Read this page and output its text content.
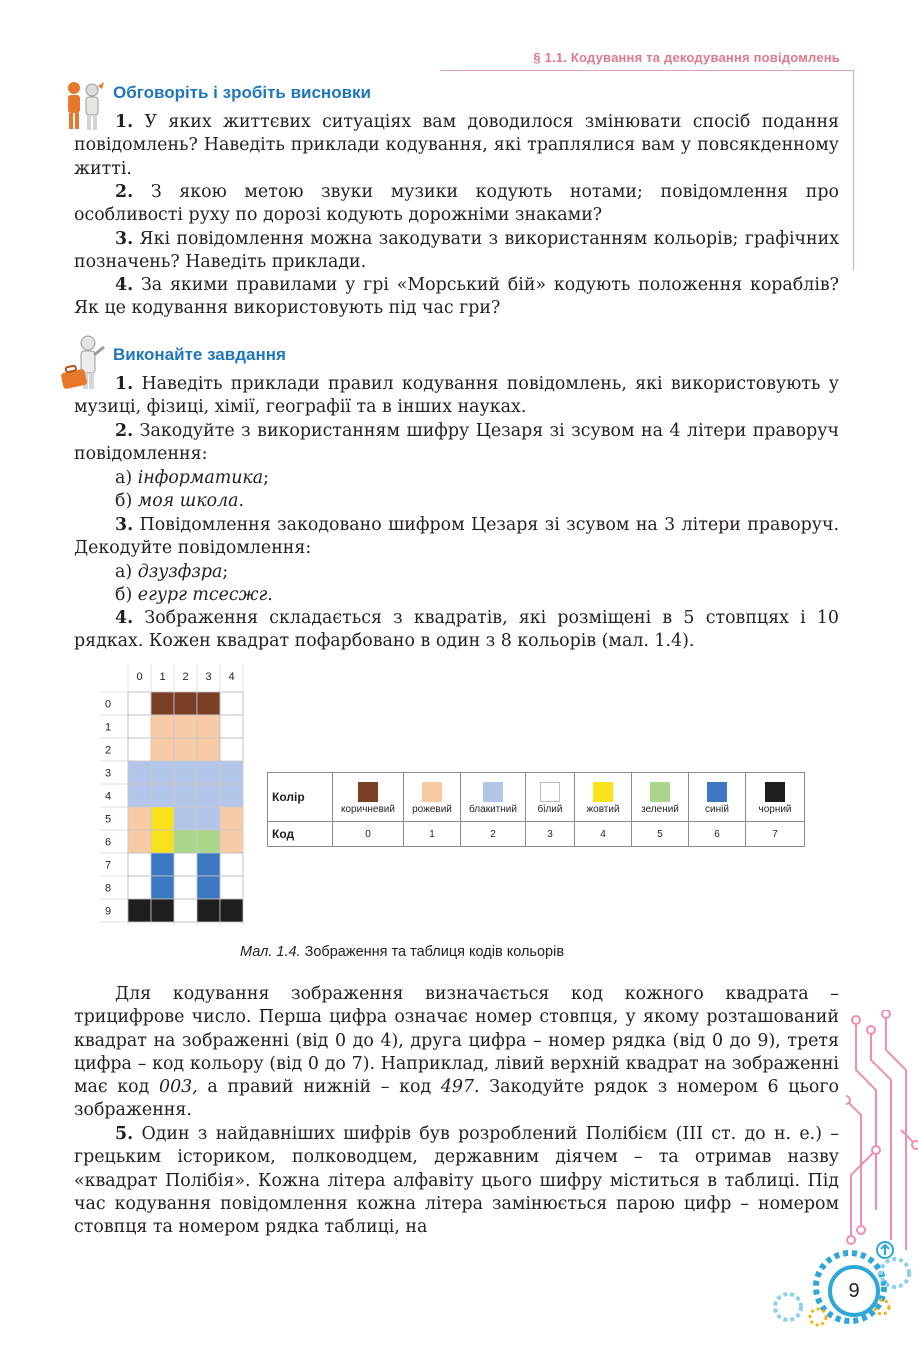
§ 1.1. Кодування та декодування повідомлень
Обговоріть і зробіть висновки

1. У яких життєвих ситуаціях вам доводилося змінювати спосіб подання повідомлень? Наведіть приклади кодування, які траплялися вам у повсякденному житті.

2. З якою метою звуки музики кодують нотами; повідомлення про особливості руху по дорозі кодують дорожніми знаками?

3. Які повідомлення можна закодувати з використанням кольорів; графічних позначень? Наведіть приклади.

4. За якими правилами у грі «Морський бій» кодують положення кораблів? Як це кодування використовують під час гри?

Виконайте завдання

1. Наведіть приклади правил кодування повідомлень, які використовують у музиці, фізиці, хімії, географії та в інших науках.

2. Закодуйте з використанням шифру Цезаря зі зсувом на 4 літери праворуч повідомлення:

а) інформатика;

б) моя школа.

3. Повідомлення закодовано шифром Цезаря зі зсувом на 3 літери праворуч. Декодуйте повідомлення:

а) дзузфзра;

б) егург тсесжг.

4. Зображення складається з квадратів, які розміщені в 5 стовпцях і 10 рядках. Кожен квадрат пофарбовано в один з 8 кольорів (мал. 1.4).

0 1 2 3 4
0
1
2
3
4
5
6
7
8
9
Колір	коричневий	рожевий	блакитний	білий	жовтий	зелений	синій	чорний

Код	0	1	2	3	4	5	6	7
Мал. 1.4. Зображення та таблиця кодів кольорів

Для кодування зображення визначається код кожного квадрата – трицифрове число. Перша цифра означає номер стовпця, у якому розташований квадрат на зображенні (від 0 до 4), друга цифра – номер рядка (від 0 до 9), третя цифра – код кольору (від 0 до 7). Наприклад, лівий верхній квадрат на зображенні має код 003, а правий нижній – код 497. Закодуйте рядок з номером 6 цього зображення.

5. Один з найдавніших шифрів був розроблений Полібієм (ІІІ ст. до н. е.) – грецьким істориком, полководцем, державним діячем – та отримав назву «квадрат Полібія». Кожна літера алфавіту цього шифру міститься в таблиці. Під час кодування повідомлення кожна літера замінюється парою цифр – номером стовпця та номером рядка таблиці, на

9
